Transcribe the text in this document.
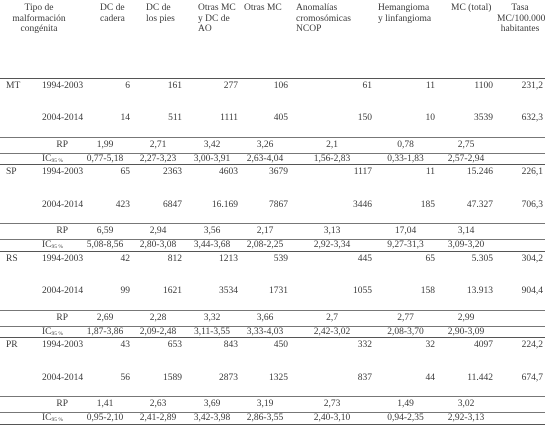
Tipo de malformación congénita		DC de cadera	DC de los pies	Otras MC y DC de AO	Otras MC	Anomalías cromosómicas NCOP	Hemangioma y linfangioma	MC (total)	Tasa MC/100.000 habitantes
MT	1994-2003	6	161	277	106	61	11	1100	231,2
	2004-2014	14	511	1111	405	150	10	3539	632,3
	RP	1,99	2,71	3,42	3,26	2,1	0,78	2,75	
	$IC_{95 \%}$	0,77-5,18	2,27-3,23	3,00-3,91	2,63-4,04	1,56-2,83	0,33-1,83	2,57-2,94	
SP	1994-2003	65	2363	4603	3679	1117	11	15.246	226,1
	2004-2014	423	6847	16.169	7867	3446	185	47.327	706,3
	RP	6,59	2,94	3,56	2,17	3,13	17,04	3,14	
	$IC_{95 \%}$	5,08-8,56	2,80-3,08	3,44-3,68	2,08-2,25	2,92-3,34	9,27-31,3	3,09-3,20	
RS	1994-2003	42	812	1213	539	445	65	5.305	304,2
	2004-2014	99	1621	3534	1731	1055	158	13.913	904,4
	RP	2,69	2,28	3,32	3,66	2,7	2,77	2,99	
	$IC_{95 \%}$	1,87-3,86	2,09-2,48	3,11-3,55	3,33-4,03	2,42-3,02	2,08-3,70	2,90-3,09	
PR	1994-2003	43	653	843	450	332	32	4097	224,2
	2004-2014	56	1589	2873	1325	837	44	11.442	674,7
	RP	1,41	2,63	3,69	3,19	2,73	1,49	3,02	
	$IC_{95 \%}$	0,95-2,10	2,41-2,89	3,42-3,98	2,86-3,55	2,40-3,10	0,94-2,35	2,92-3,13	
